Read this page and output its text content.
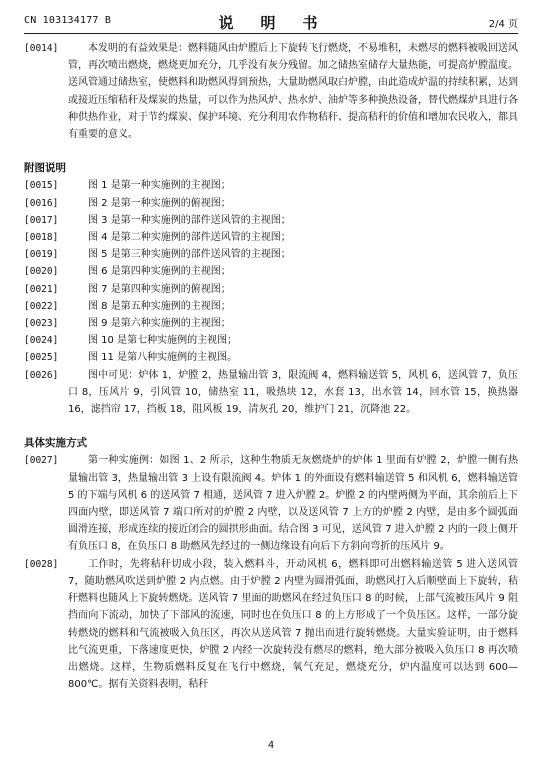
CN 103134177 B	说　明　书	2/4 页

[0014]	本发明的有益效果是：燃料随风由炉膛后上下旋转飞行燃烧，不易堆积，未燃尽的燃料被吸回送风管，再次喷出燃烧，燃烧更加充分，几乎没有灰分残留。加之储热室储存大量热能，可提高炉膛温度。送风管通过储热室，使燃料和助燃风得到预热，大量助燃风取白炉膛，由此造成炉温的持续积累，达到或接近压缩秸秆及煤炭的热量，可以作为热风炉、热水炉、油炉等多种换热设备，替代燃煤炉具进行各种供热作业，对于节约煤炭、保护环境、充分利用农作物秸秆、提高秸秆的价值和增加农民收入，都具有重要的意义。

附图说明

[0015]	图 1 是第一种实施例的主视图；

[0016]	图 2 是第一种实施例的俯视图；

[0017]	图 3 是第一种实施例的部件送风管的主视图；

[0018]	图 4 是第二种实施例的部件送风管的主视图；

[0019]	图 5 是第三种实施例的部件送风管的主视图；

[0020]	图 6 是第四种实施例的主视图；

[0021]	图 7 是第四种实施例的俯视图；

[0022]	图 8 是第五种实施例的主视图；

[0023]	图 9 是第六种实施例的主视图；

[0024]	图 10 是第七种实施例的主视图；

[0025]	图 11 是第八种实施例的主视图。

[0026]	图中可见：炉体 1，炉膛 2，热量输出管 3，限流阀 4，燃料输送管 5，风机 6，送风管 7，负压口 8，压风片 9，引风管 10，储热室 11，吸热块 12，水套 13，出水管 14，回水管 15，换热器 16，滤挡帘 17，挡板 18，阻风板 19，清灰孔 20，维护门 21，沉降池 22。

具体实施方式

[0027]	第一种实施例：如图 1、2 所示，这种生物质无灰燃烧炉的炉体 1 里面有炉膛 2，炉膛一侧有热量输出管 3，热量输出管 3 上设有限流阀 4。炉体 1 的外面设有燃料输送管 5 和风机 6，燃料输送管 5 的下端与风机 6 的送风管 7 相通，送风管 7 进入炉膛 2。炉膛 2 的内壁两侧为平面，其余前后上下四面内壁，即送风管 7 端口所对的炉膛 2 内壁，以及送风管 7 上方的炉膛 2 内壁，是由多个圆弧面圆滑连接，形成连续的接近闭合的圆拱形曲面。结合图 3 可见，送风管 7 进入炉膛 2 内的一段上侧开有负压口 8，在负压口 8 助燃风先经过的一侧边缘设有向后下方斜向弯折的压风片 9。

[0028]	工作时，先将秸秆切成小段，装入燃料斗，开动风机 6，燃料即可出燃料输送管 5 进入送风管 7，随助燃风吹送到炉膛 2 内点燃。由于炉膛 2 内壁为圆滑弧面，助燃风打入后顺壁面上下旋转，秸秆燃料也随风上下旋转燃烧。送风管 7 里面的助燃风在经过负压口 8 的时候，上部气流被压风片 9 阻挡而向下流动，加快了下部风的流速，同时也在负压口 8 的上方形成了一个负压区。这样，一部分旋转燃烧的燃料和气流被吸入负压区，再次从送风管 7 抛出而进行旋转燃烧。大量实验证明，由于燃料比气流更重，下落速度更快，炉膛 2 内经一次旋转没有燃尽的燃料，绝大部分被吸入负压口 8 再次喷出燃烧。这样，生物质燃料反复在飞行中燃烧，氧气充足，燃烧充分，炉内温度可以达到 600—800℃。据有关资料表明，秸秆

4
